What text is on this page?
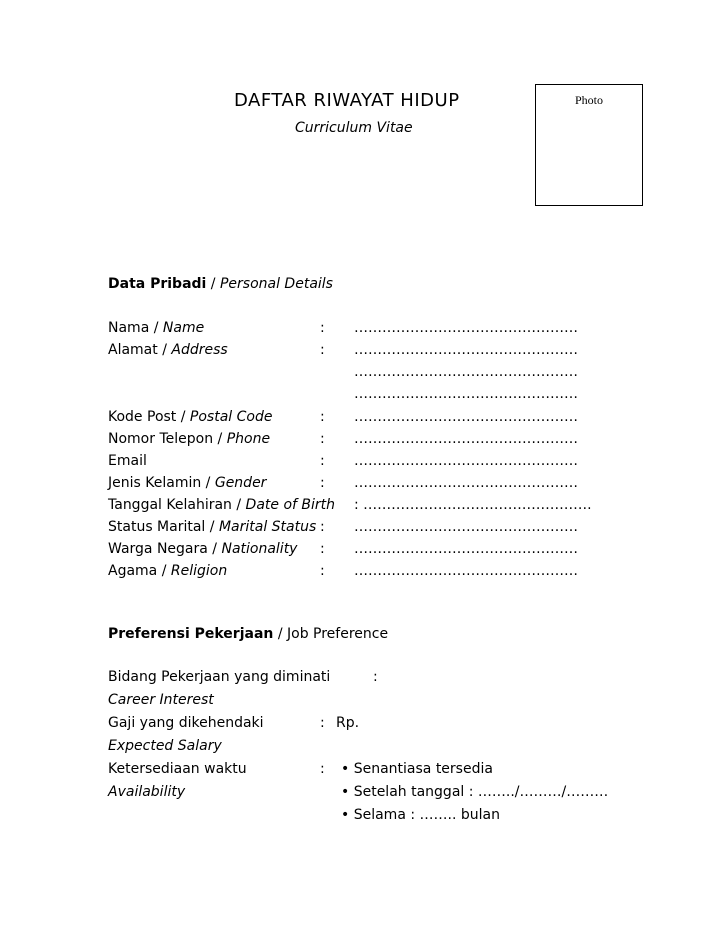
DAFTAR RIWAYAT HIDUP
Curriculum Vitae
Photo
Data Pribadi / Personal Details
Nama / Name	: …………………………………………
Alamat / Address	: …………………………………………
…………………………………………
…………………………………………
Kode Post / Postal Code	: …………………………………………
Nomor Telepon / Phone	: …………………………………………
Email	: …………………………………………
Jenis Kelamin / Gender	: …………………………………………
Tanggal Kelahiran / Date of Birth : ………………………………………….
Status Marital / Marital Status : …………………………………………
Warga Negara / Nationality : …………………………………………
Agama / Religion	: …………………………………………
Preferensi Pekerjaan / Job Preference
Bidang Pekerjaan yang diminati	:
Career Interest
Gaji yang dikehendaki	: Rp.
Expected Salary
Ketersediaan waktu	:
Availability
• Senantiasa tersedia
• Setelah tanggal : ……../………/………
• Selama : …….. bulan
